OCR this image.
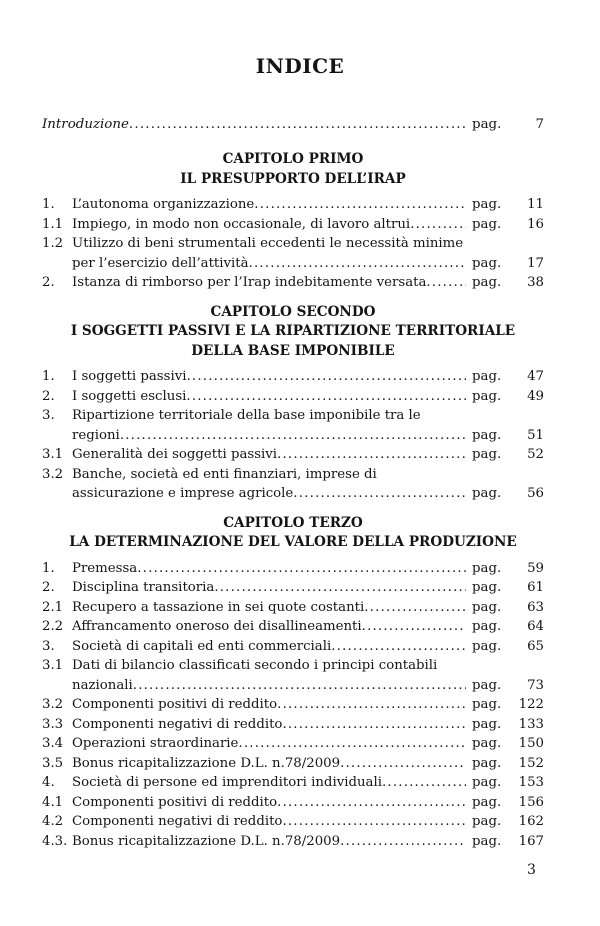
INDICE
Introduzione .....	pag.	7
CAPITOLO PRIMO
IL PRESUPPORTO DELL’IRAP
1.	L’autonoma organizzazione .....	pag.	11
1.1 Impiego, in modo non occasionale, di lavoro altrui .....	pag.	16
1.2 Utilizzo di beni strumentali eccedenti le necessità minime
per l’esercizio dell’attività .....	pag.	17
2.	Istanza di rimborso per l’Irap indebitamente versata .....	pag.	38
CAPITOLO SECONDO
I SOGGETTI PASSIVI E LA RIPARTIZIONE TERRITORIALE
DELLA BASE IMPONIBILE
1.	I soggetti passivi .....	pag.	47
2.	I soggetti esclusi .....	pag.	49
3.	Ripartizione territoriale della base imponibile tra le
regioni .....	pag.	51
3.1 Generalità dei soggetti passivi .....	pag.	52
3.2 Banche, società ed enti finanziari, imprese di
assicurazione e imprese agricole .....	pag.	56
CAPITOLO TERZO
LA DETERMINAZIONE DEL VALORE DELLA PRODUZIONE
1.	Premessa .....	pag.	59
2.	Disciplina transitoria .....	pag.	61
2.1 Recupero a tassazione in sei quote costanti .....	pag.	63
2.2 Affrancamento oneroso dei disallineamenti .....	pag.	64
3.	Società di capitali ed enti commerciali .....	pag.	65
3.1 Dati di bilancio classificati secondo i principi contabili
nazionali .....	pag.	73
3.2 Componenti positivi di reddito .....	pag.	122
3.3 Componenti negativi di reddito .....	pag.	133
3.4 Operazioni straordinarie .....	pag.	150
3.5 Bonus ricapitalizzazione D.L. n.78/2009 .....	pag.	152
4.	Società di persone ed imprenditori individuali .....	pag.	153
4.1 Componenti positivi di reddito .....	pag.	156
4.2 Componenti negativi di reddito .....	pag.	162
4.3. Bonus ricapitalizzazione D.L. n.78/2009 .....	pag.	167
3
